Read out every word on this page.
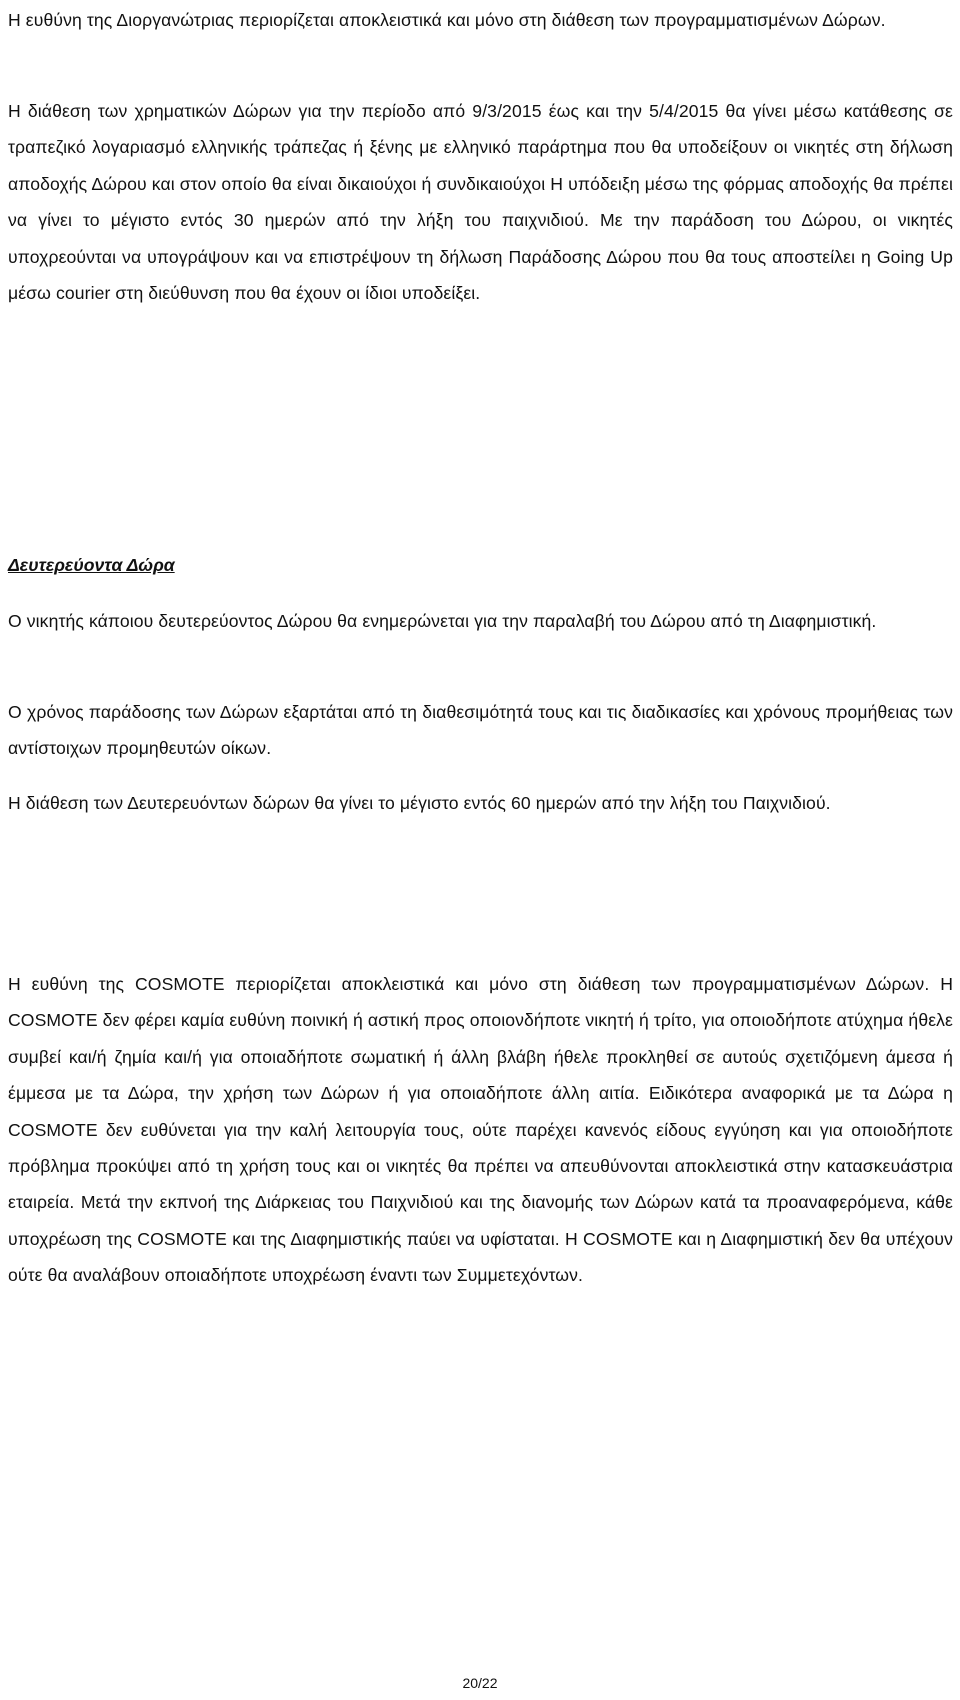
Η ευθύνη της Διοργανώτριας περιορίζεται αποκλειστικά και μόνο στη διάθεση των προγραμματισμένων Δώρων.

Η διάθεση των χρηματικών Δώρων για την περίοδο από 9/3/2015 έως και την 5/4/2015 θα γίνει μέσω κατάθεσης σε τραπεζικό λογαριασμό ελληνικής τράπεζας ή ξένης με ελληνικό παράρτημα που θα υποδείξουν οι νικητές στη δήλωση αποδοχής Δώρου και στον οποίο θα είναι δικαιούχοι ή συνδικαιούχοι Η υπόδειξη μέσω της φόρμας αποδοχής θα πρέπει να γίνει το μέγιστο εντός 30 ημερών από την λήξη του παιχνιδιού. Με την παράδοση του Δώρου, οι νικητές υποχρεούνται να υπογράψουν και να επιστρέψουν τη δήλωση Παράδοσης Δώρου που θα τους αποστείλει η Going Up μέσω courier στη διεύθυνση που θα έχουν οι ίδιοι υποδείξει.

Δευτερεύοντα Δώρα

Ο νικητής κάποιου δευτερεύοντος Δώρου θα ενημερώνεται για την παραλαβή του Δώρου από τη Διαφημιστική.

Ο χρόνος παράδοσης των Δώρων εξαρτάται από τη διαθεσιμότητά τους και τις διαδικασίες και χρόνους προμήθειας των αντίστοιχων προμηθευτών οίκων.

Η διάθεση των Δευτερευόντων δώρων θα γίνει το μέγιστο εντός 60 ημερών από την λήξη του Παιχνιδιού.

Η ευθύνη της COSMOTE περιορίζεται αποκλειστικά και μόνο στη διάθεση των προγραμματισμένων Δώρων. Η COSMOTE δεν φέρει καμία ευθύνη ποινική ή αστική προς οποιονδήποτε νικητή ή τρίτο, για οποιοδήποτε ατύχημα ήθελε συμβεί και/ή ζημία και/ή για οποιαδήποτε σωματική ή άλλη βλάβη ήθελε προκληθεί σε αυτούς σχετιζόμενη άμεσα ή έμμεσα με τα Δώρα, την χρήση των Δώρων ή για οποιαδήποτε άλλη αιτία. Ειδικότερα αναφορικά με τα Δώρα η COSMOTE δεν ευθύνεται για την καλή λειτουργία τους, ούτε παρέχει κανενός είδους εγγύηση και για οποιοδήποτε πρόβλημα προκύψει από τη χρήση τους και οι νικητές θα πρέπει να απευθύνονται αποκλειστικά στην κατασκευάστρια εταιρεία. Μετά την εκπνοή της Διάρκειας του Παιχνιδιού και της διανομής των Δώρων κατά τα προαναφερόμενα, κάθε υποχρέωση της COSMOTE και της Διαφημιστικής παύει να υφίσταται. Η COSMOTE και η Διαφημιστική δεν θα υπέχουν ούτε θα αναλάβουν οποιαδήποτε υποχρέωση έναντι των Συμμετεχόντων.

20/22
